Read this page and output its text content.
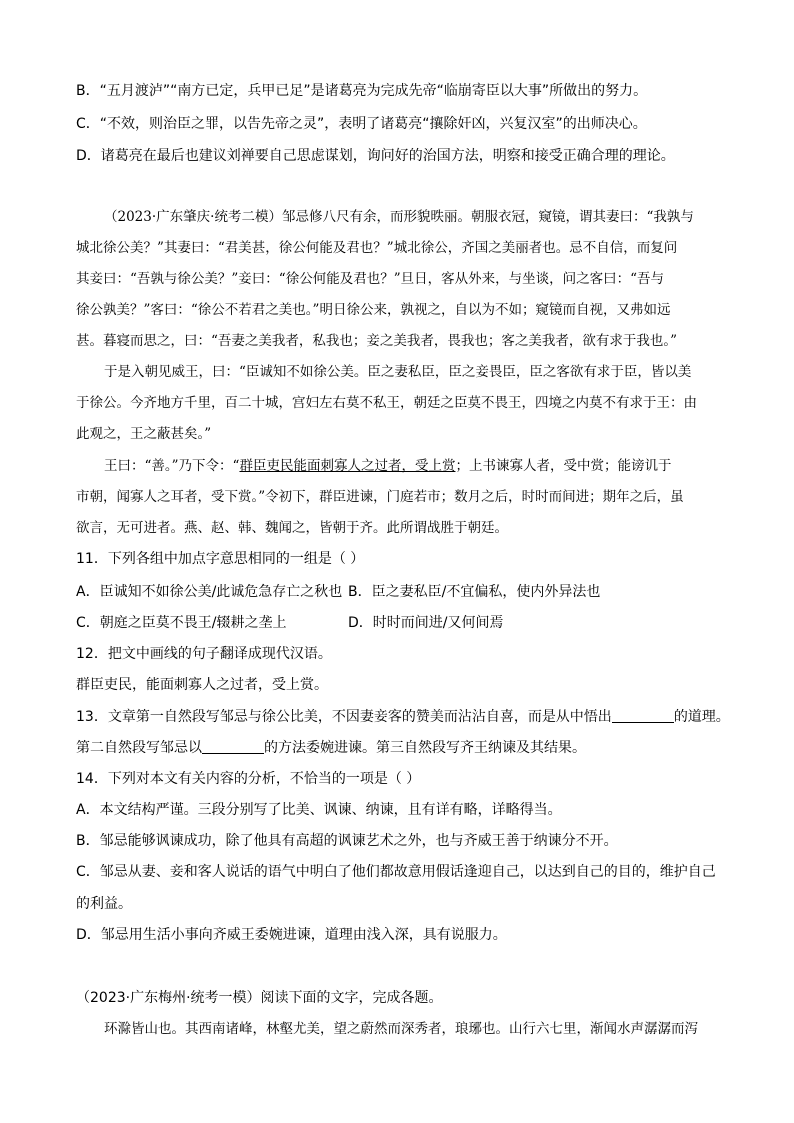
B．“五月渡泸”“南方已定，兵甲已足”是诸葛亮为完成先帝“临崩寄臣以大事”所做出的努力。
C．“不效，则治臣之罪，以告先帝之灵”，表明了诸葛亮“攘除奸凶，兴复汉室”的出师决心。
D．诸葛亮在最后也建议刘禅要自己思虑谋划，询问好的治国方法，明察和接受正确合理的理论。
（2023·广东肇庆·统考二模）邹忌修八尺有余，而形貌昳丽。朝服衣冠，窥镜，谓其妻曰：“我孰与
城北徐公美？”其妻曰：“君美甚，徐公何能及君也？”城北徐公，齐国之美丽者也。忌不自信，而复问
其妾曰：“吾孰与徐公美？”妾曰：“徐公何能及君也？”旦日，客从外来，与坐谈，问之客曰：“吾与
徐公孰美？”客曰：“徐公不若君之美也。”明日徐公来，孰视之，自以为不如；窥镜而自视，又弗如远
甚。暮寝而思之，曰：“吾妻之美我者，私我也；妾之美我者，畏我也；客之美我者，欲有求于我也。”
于是入朝见威王，曰：“臣诚知不如徐公美。臣之妻私臣，臣之妾畏臣，臣之客欲有求于臣，皆以美
于徐公。今齐地方千里，百二十城，宫妇左右莫不私王，朝廷之臣莫不畏王，四境之内莫不有求于王：由
此观之，王之蔽甚矣。”
王曰：“善。”乃下令：“群臣吏民能面刺寡人之过者，受上赏；上书谏寡人者，受中赏；能谤讥于
市朝，闻寡人之耳者，受下赏。”令初下，群臣进谏，门庭若市；数月之后，时时而间进；期年之后，虽
欲言，无可进者。燕、赵、韩、魏闻之，皆朝于齐。此所谓战胜于朝廷。
11．下列各组中加点字意思相同的一组是（ ）
A．臣诚知不如徐公美/此诚危急存亡之秋也 B．臣之妻私臣/不宜偏私，使内外异法也
C．朝庭之臣莫不畏王/辍耕之垄上	D．时时而间进/又何间焉
12．把文中画线的句子翻译成现代汉语。
群臣吏民，能面刺寡人之过者，受上赏。
13．文章第一自然段写邹忌与徐公比美，不因妻妾客的赞美而沾沾自喜，而是从中悟出	的道理。
第二自然段写邹忌以	的方法委婉进谏。第三自然段写齐王纳谏及其结果。
14．下列对本文有关内容的分析，不恰当的一项是（ ）
A．本文结构严谨。三段分别写了比美、讽谏、纳谏，且有详有略，详略得当。
B．邹忌能够讽谏成功，除了他具有高超的讽谏艺术之外，也与齐威王善于纳谏分不开。
C．邹忌从妻、妾和客人说话的语气中明白了他们都故意用假话逢迎自己，以达到自己的目的，维护自己
的利益。
D．邹忌用生活小事向齐威王委婉进谏，道理由浅入深，具有说服力。
（2023·广东梅州·统考一模）阅读下面的文字，完成各题。
环滁皆山也。其西南诸峰，林壑尤美，望之蔚然而深秀者，琅琊也。山行六七里，渐闻水声潺潺而泻
